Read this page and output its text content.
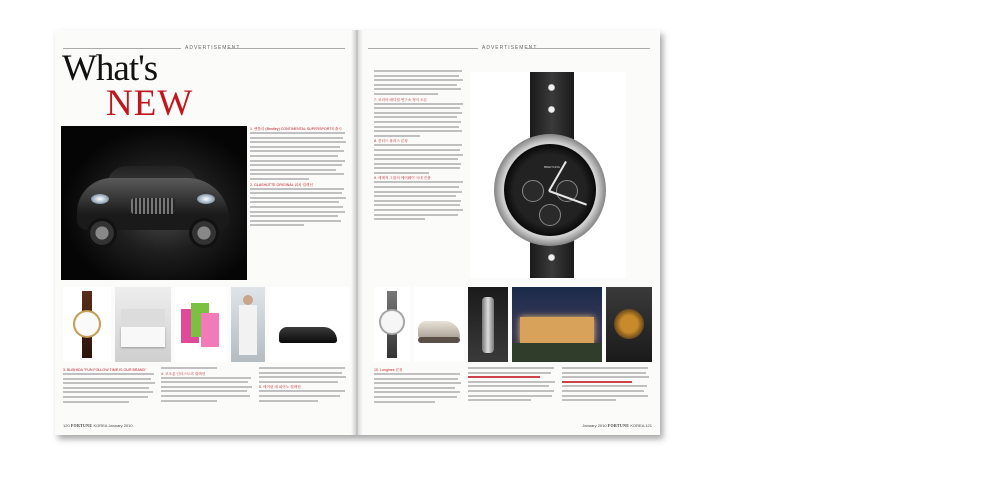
ADVERTISEMENT
What's
NEW
1. 벤틀리 (Bentley) CONTINENTAL SUPERSPORTS 출시
2. GLASHÜTTE ORIGINAL 워치 컬렉션
3. BUSHIDA "FUN FOLLOW TIME IS OUR BRAND"
4. 코오롱 인더스트리 컬렉션
5. 에이틴 데 피아노 컬렉션
120 FORTUNE KOREA January 2010
ADVERTISEMENT
7. 코리아 메디컬 연구소 정식 오픈
8. 칸티드 플러스 론칭
9. 세계적 그룹의 에어웨이 국내 진출
BREITLING
10. Longines 론칭
January 2010 FORTUNE KOREA 121
